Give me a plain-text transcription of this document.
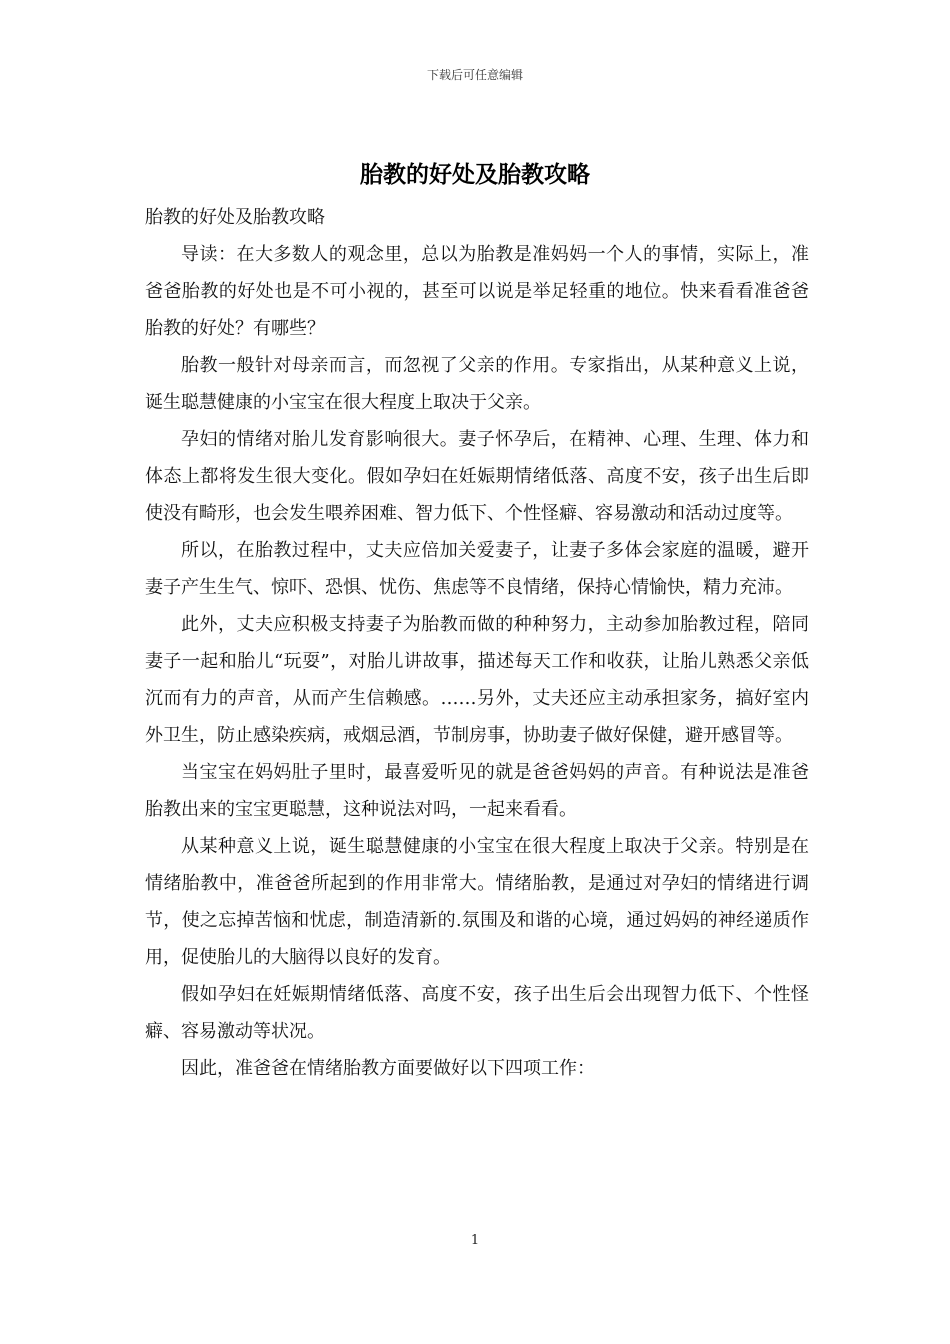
下载后可任意编辑
胎教的好处及胎教攻略

胎教的好处及胎教攻略

导读：在大多数人的观念里，总以为胎教是准妈妈一个人的事情，实际上，准爸爸胎教的好处也是不可小视的，甚至可以说是举足轻重的地位。快来看看准爸爸胎教的好处？有哪些？

胎教一般针对母亲而言，而忽视了父亲的作用。专家指出，从某种意义上说，诞生聪慧健康的小宝宝在很大程度上取决于父亲。

孕妇的情绪对胎儿发育影响很大。妻子怀孕后，在精神、心理、生理、体力和体态上都将发生很大变化。假如孕妇在妊娠期情绪低落、高度不安，孩子出生后即使没有畸形，也会发生喂养困难、智力低下、个性怪癖、容易激动和活动过度等。

所以，在胎教过程中，丈夫应倍加关爱妻子，让妻子多体会家庭的温暖，避开妻子产生生气、惊吓、恐惧、忧伤、焦虑等不良情绪，保持心情愉快，精力充沛。

此外，丈夫应积极支持妻子为胎教而做的种种努力，主动参加胎教过程，陪同妻子一起和胎儿“玩耍”，对胎儿讲故事，描述每天工作和收获，让胎儿熟悉父亲低沉而有力的声音，从而产生信赖感。……另外，丈夫还应主动承担家务，搞好室内外卫生，防止感染疾病，戒烟忌酒，节制房事，协助妻子做好保健，避开感冒等。

当宝宝在妈妈肚子里时，最喜爱听见的就是爸爸妈妈的声音。有种说法是准爸胎教出来的宝宝更聪慧，这种说法对吗，一起来看看。

从某种意义上说，诞生聪慧健康的小宝宝在很大程度上取决于父亲。特别是在情绪胎教中，准爸爸所起到的作用非常大。情绪胎教，是通过对孕妇的情绪进行调节，使之忘掉苦恼和忧虑，制造清新的.氛围及和谐的心境，通过妈妈的神经递质作用，促使胎儿的大脑得以良好的发育。

假如孕妇在妊娠期情绪低落、高度不安，孩子出生后会出现智力低下、个性怪癖、容易激动等状况。

因此，准爸爸在情绪胎教方面要做好以下四项工作：

1
